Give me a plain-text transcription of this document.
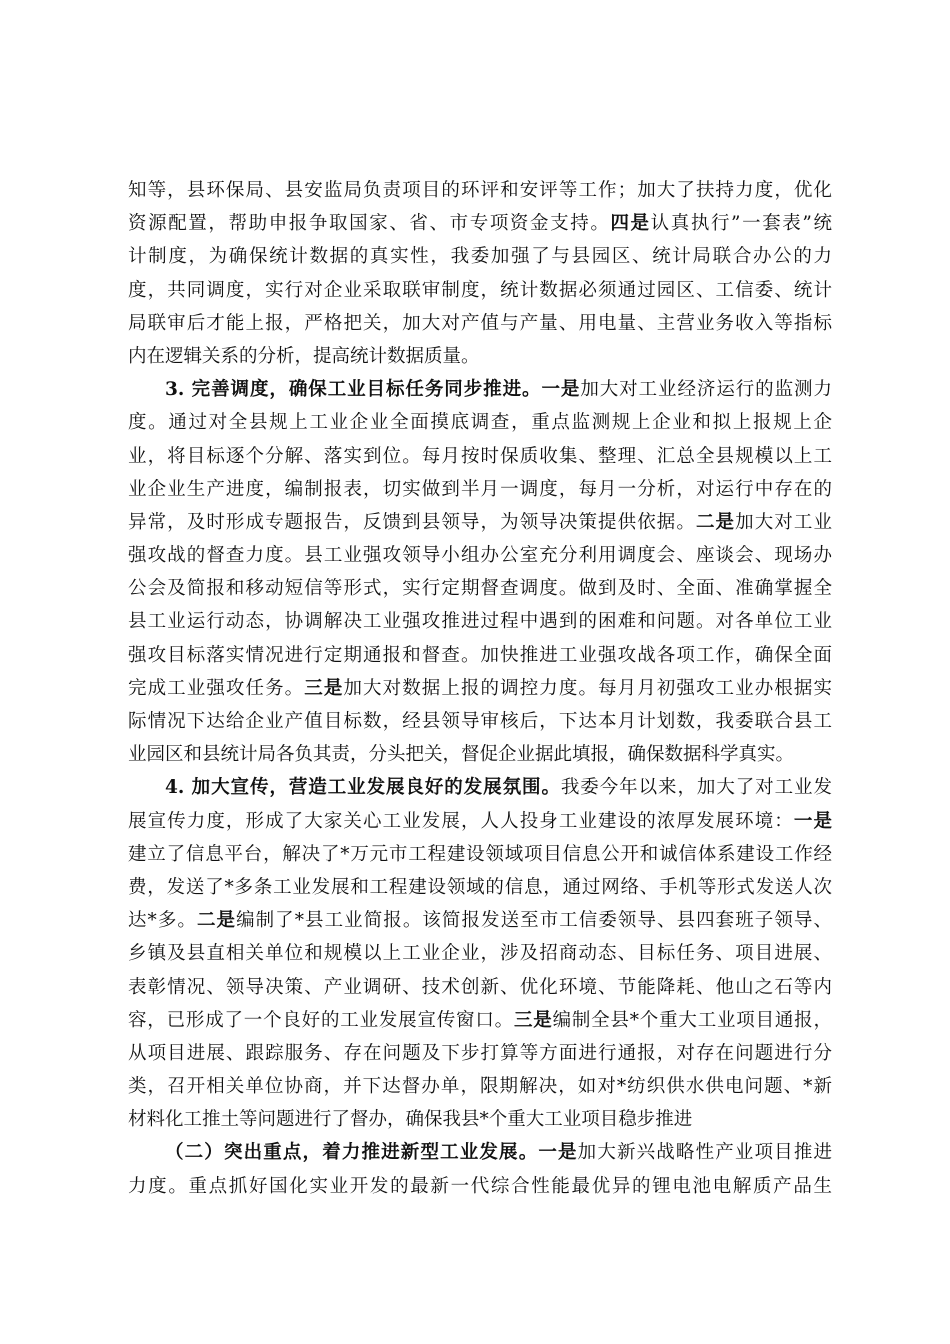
知等，县环保局、县安监局负责项目的环评和安评等工作；加大了扶持力度，优化
资源配置，帮助申报争取国家、省、市专项资金支持。四是认真执行”一套表”统
计制度，为确保统计数据的真实性，我委加强了与县园区、统计局联合办公的力
度，共同调度，实行对企业采取联审制度，统计数据必须通过园区、工信委、统计
局联审后才能上报，严格把关，加大对产值与产量、用电量、主营业务收入等指标
内在逻辑关系的分析，提高统计数据质量。
3. 完善调度，确保工业目标任务同步推进。一是加大对工业经济运行的监测力
度。通过对全县规上工业企业全面摸底调查，重点监测规上企业和拟上报规上企
业，将目标逐个分解、落实到位。每月按时保质收集、整理、汇总全县规模以上工
业企业生产进度，编制报表，切实做到半月一调度，每月一分析，对运行中存在的
异常，及时形成专题报告，反馈到县领导，为领导决策提供依据。二是加大对工业
强攻战的督查力度。县工业强攻领导小组办公室充分利用调度会、座谈会、现场办
公会及简报和移动短信等形式，实行定期督查调度。做到及时、全面、准确掌握全
县工业运行动态，协调解决工业强攻推进过程中遇到的困难和问题。对各单位工业
强攻目标落实情况进行定期通报和督查。加快推进工业强攻战各项工作，确保全面
完成工业强攻任务。三是加大对数据上报的调控力度。每月月初强攻工业办根据实
际情况下达给企业产值目标数，经县领导审核后，下达本月计划数，我委联合县工
业园区和县统计局各负其责，分头把关，督促企业据此填报，确保数据科学真实。
4. 加大宣传，营造工业发展良好的发展氛围。我委今年以来，加大了对工业发
展宣传力度，形成了大家关心工业发展，人人投身工业建设的浓厚发展环境：一是
建立了信息平台，解决了*万元市工程建设领域项目信息公开和诚信体系建设工作经
费，发送了*多条工业发展和工程建设领域的信息，通过网络、手机等形式发送人次
达*多。二是编制了*县工业简报。该简报发送至市工信委领导、县四套班子领导、
乡镇及县直相关单位和规模以上工业企业，涉及招商动态、目标任务、项目进展、
表彰情况、领导决策、产业调研、技术创新、优化环境、节能降耗、他山之石等内
容，已形成了一个良好的工业发展宣传窗口。三是编制全县*个重大工业项目通报，
从项目进展、跟踪服务、存在问题及下步打算等方面进行通报，对存在问题进行分
类，召开相关单位协商，并下达督办单，限期解决，如对*纺织供水供电问题、*新
材料化工推土等问题进行了督办，确保我县*个重大工业项目稳步推进
（二）突出重点，着力推进新型工业发展。一是加大新兴战略性产业项目推进
力度。重点抓好国化实业开发的最新一代综合性能最优异的锂电池电解质产品生
